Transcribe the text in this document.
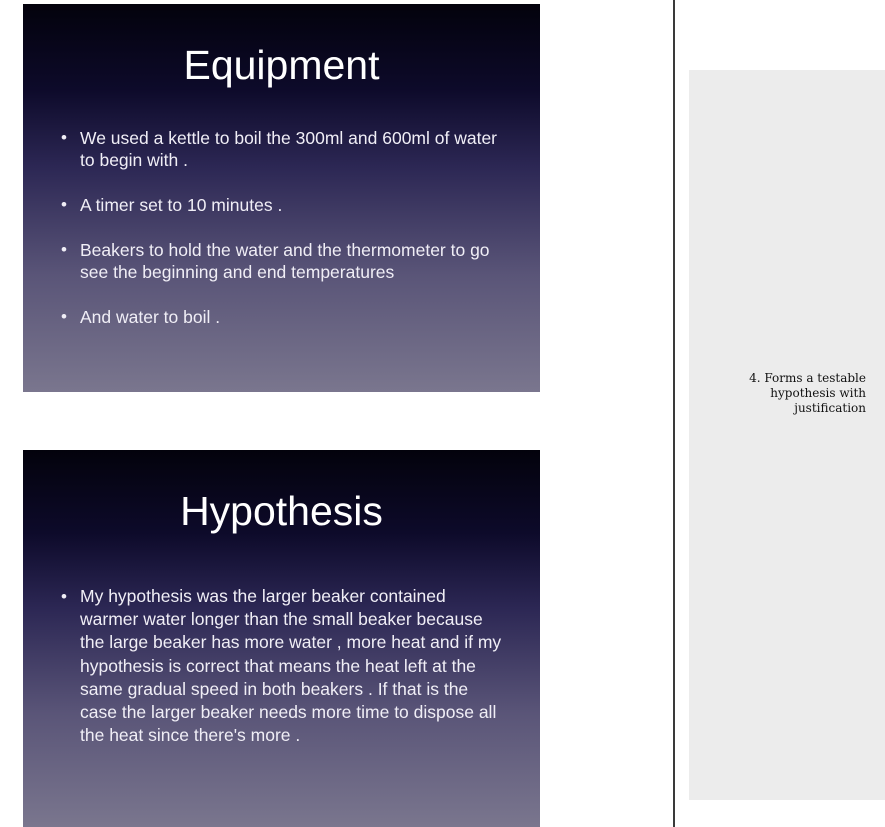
Equipment
• We used a kettle to boil the 300ml and 600ml of water to begin with .
• A timer set to 10 minutes .
• Beakers to hold the water and the thermometer to go see the beginning and end temperatures
• And water to boil .
Hypothesis
• My hypothesis was the larger beaker contained warmer water longer than the small beaker because the large beaker has more water , more heat and if my hypothesis is correct that means the heat left at the same gradual speed in both beakers . If that is the case the larger beaker needs more time to dispose all the heat since there's more .
4. Forms a testable hypothesis with justification
